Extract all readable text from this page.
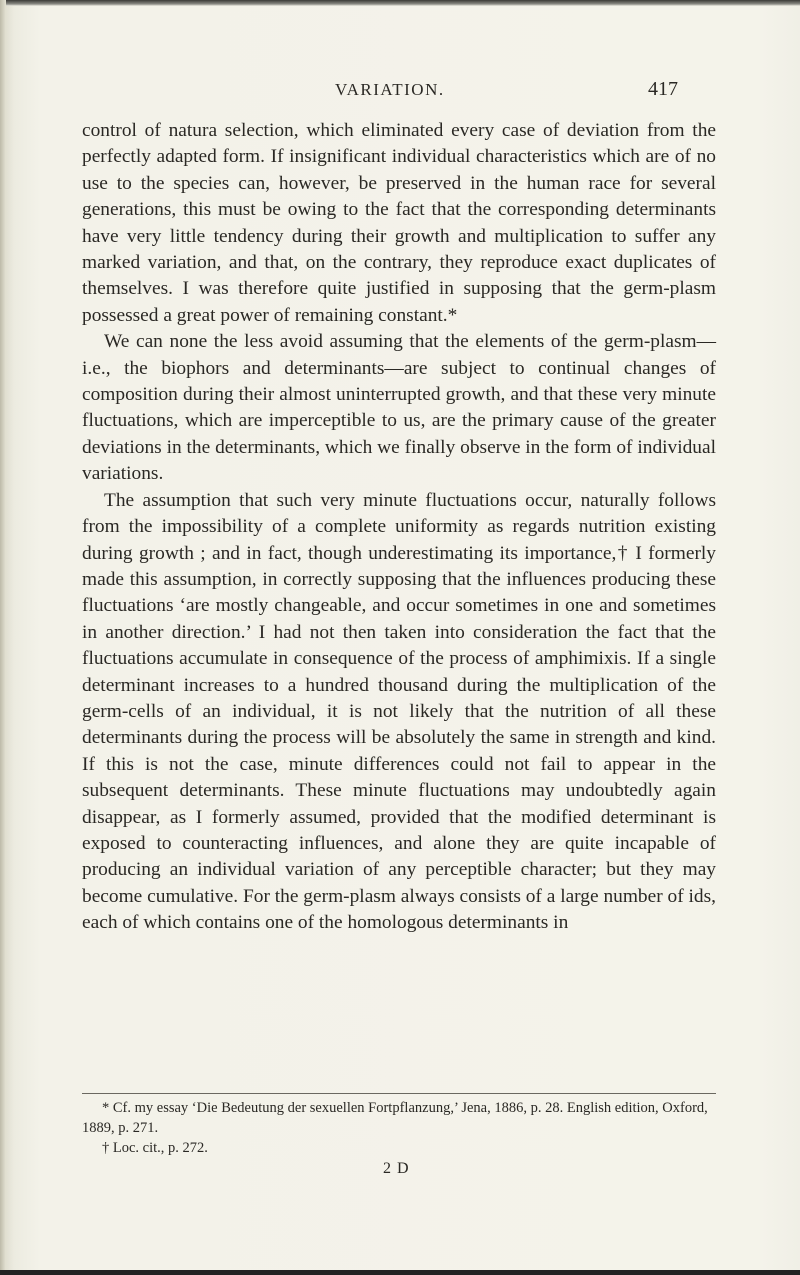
VARIATION.	417

control of natura selection, which eliminated every case of deviation from the perfectly adapted form. If insignificant individual characteristics which are of no use to the species can, however, be preserved in the human race for several generations, this must be owing to the fact that the corresponding determinants have very little tendency during their growth and multiplication to suffer any marked variation, and that, on the contrary, they reproduce exact duplicates of themselves. I was therefore quite justified in supposing that the germ-plasm possessed a great power of remaining constant.*

We can none the less avoid assuming that the elements of the germ-plasm—i.e., the biophors and determinants—are subject to continual changes of composition during their almost uninterrupted growth, and that these very minute fluctuations, which are imperceptible to us, are the primary cause of the greater deviations in the determinants, which we finally observe in the form of individual variations.

The assumption that such very minute fluctuations occur, naturally follows from the impossibility of a complete uniformity as regards nutrition existing during growth ; and in fact, though underestimating its importance,† I formerly made this assumption, in correctly supposing that the influences producing these fluctuations ‘are mostly changeable, and occur sometimes in one and sometimes in another direction.’ I had not then taken into consideration the fact that the fluctuations accumulate in consequence of the process of amphimixis. If a single determinant increases to a hundred thousand during the multiplication of the germ-cells of an individual, it is not likely that the nutrition of all these determinants during the process will be absolutely the same in strength and kind. If this is not the case, minute differences could not fail to appear in the subsequent determinants. These minute fluctuations may undoubtedly again disappear, as I formerly assumed, provided that the modified determinant is exposed to counteracting influences, and alone they are quite incapable of producing an individual variation of any perceptible character; but they may become cumulative. For the germ-plasm always consists of a large number of ids, each of which contains one of the homologous determinants in

* Cf. my essay ‘Die Bedeutung der sexuellen Fortpflanzung,’ Jena, 1886, p. 28. English edition, Oxford, 1889, p. 271.

† Loc. cit., p. 272.

2 D
